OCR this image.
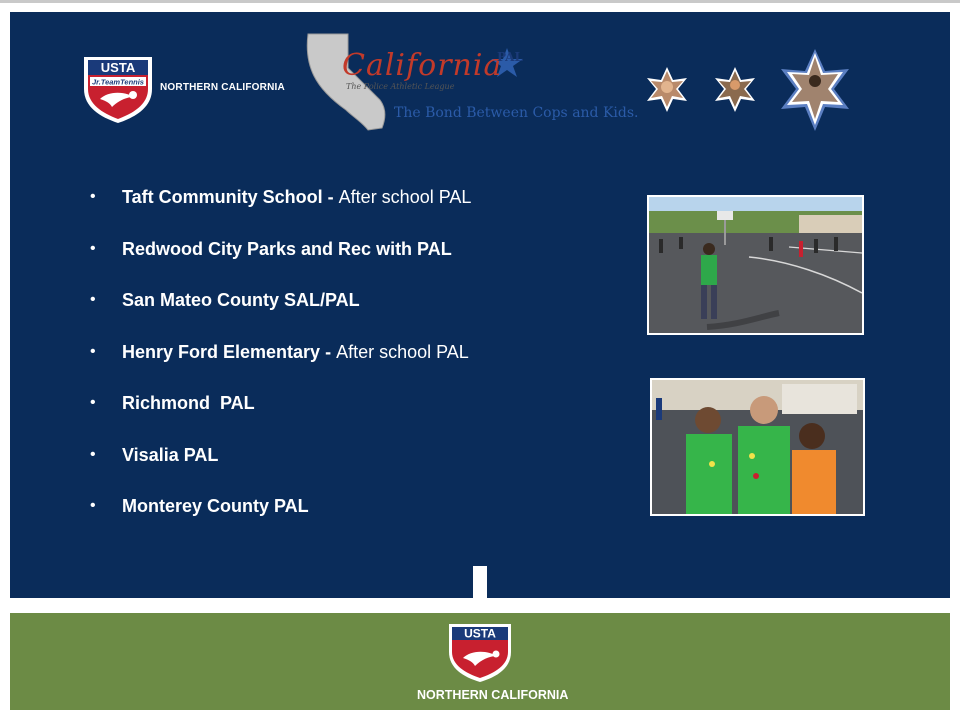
USTA
Jr.TeamTennis NORTHERN CALIFORNIA
California
PAL
The Police Athletic League
The Bond Between Cops and Kids.
• Taft Community School - After school PAL
• Redwood City Parks and Rec with PAL
• San Mateo County SAL/PAL
• Henry Ford Elementary - After school PAL
• Richmond  PAL
• Visalia PAL
• Monterey County PAL
USTA
NORTHERN CALIFORNIA
